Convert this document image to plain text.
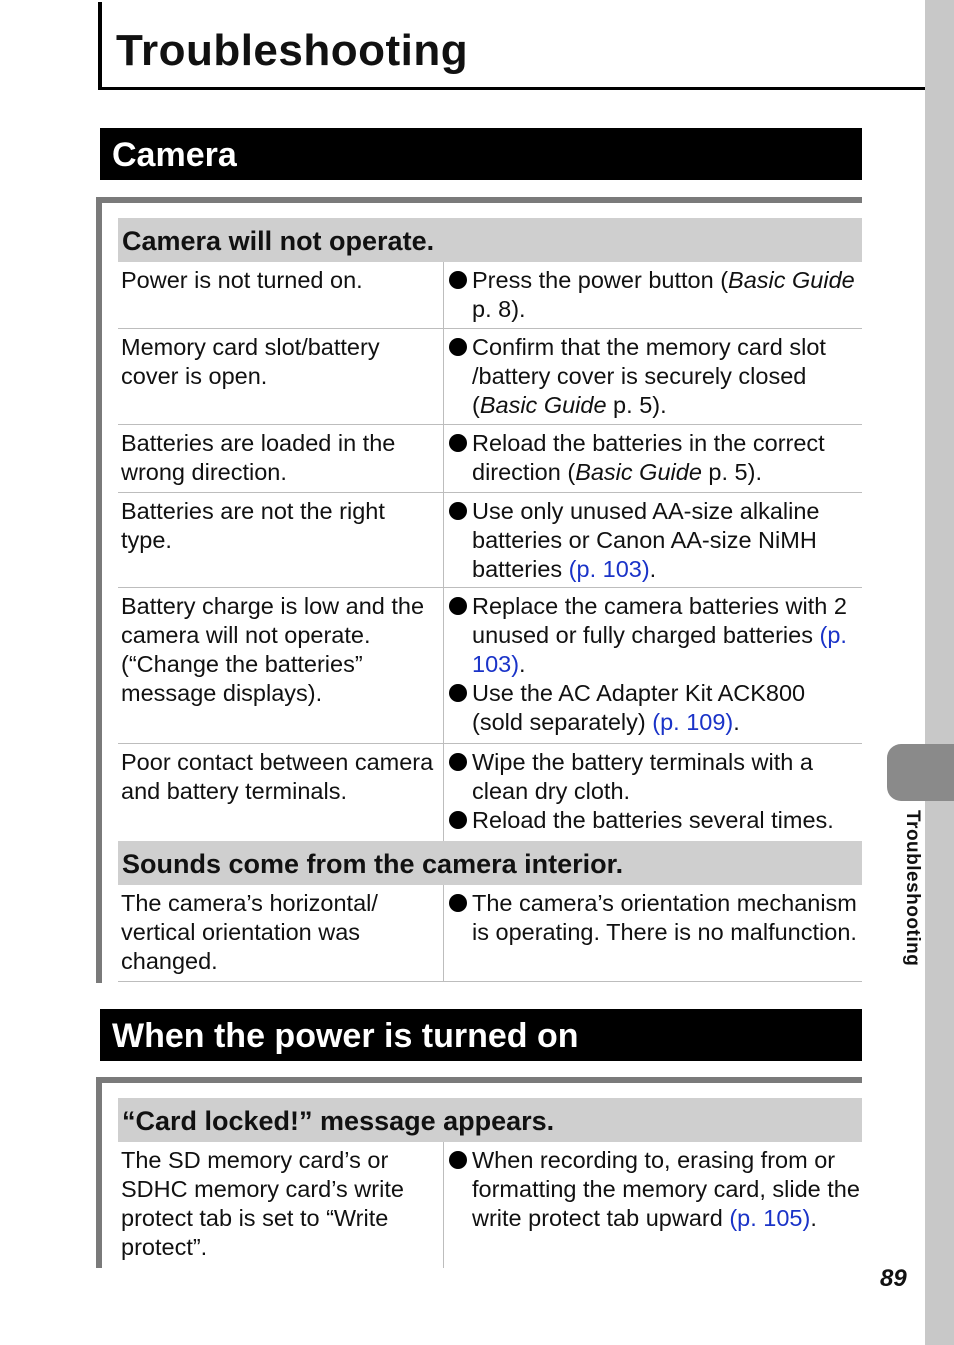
Troubleshooting
Troubleshooting
89
Camera
Camera will not operate.
Power is not turned on.	Press the power button (Basic Guide p. 8).
Memory card slot/battery cover is open.
Confirm that the memory card slot /battery cover is securely closed (Basic Guide p. 5).
Batteries are loaded in the wrong direction.
Reload the batteries in the correct direction (Basic Guide p. 5).
Batteries are not the right type.
Use only unused AA-size alkaline batteries or Canon AA-size NiMH batteries (p. 103).
Battery charge is low and the camera will not operate. (“Change the batteries” message displays).
Replace the camera batteries with 2 unused or fully charged batteries (p. 103).
Use the AC Adapter Kit ACK800 (sold separately) (p. 109).
Poor contact between camera and battery terminals.
Wipe the battery terminals with a clean dry cloth.
Reload the batteries several times.
Sounds come from the camera interior.
The camera’s horizontal/ vertical orientation was changed.
The camera’s orientation mechanism is operating. There is no malfunction.
When the power is turned on
“Card locked!” message appears.
The SD memory card’s or SDHC memory card’s write protect tab is set to “Write protect”.
When recording to, erasing from or formatting the memory card, slide the write protect tab upward (p. 105).
